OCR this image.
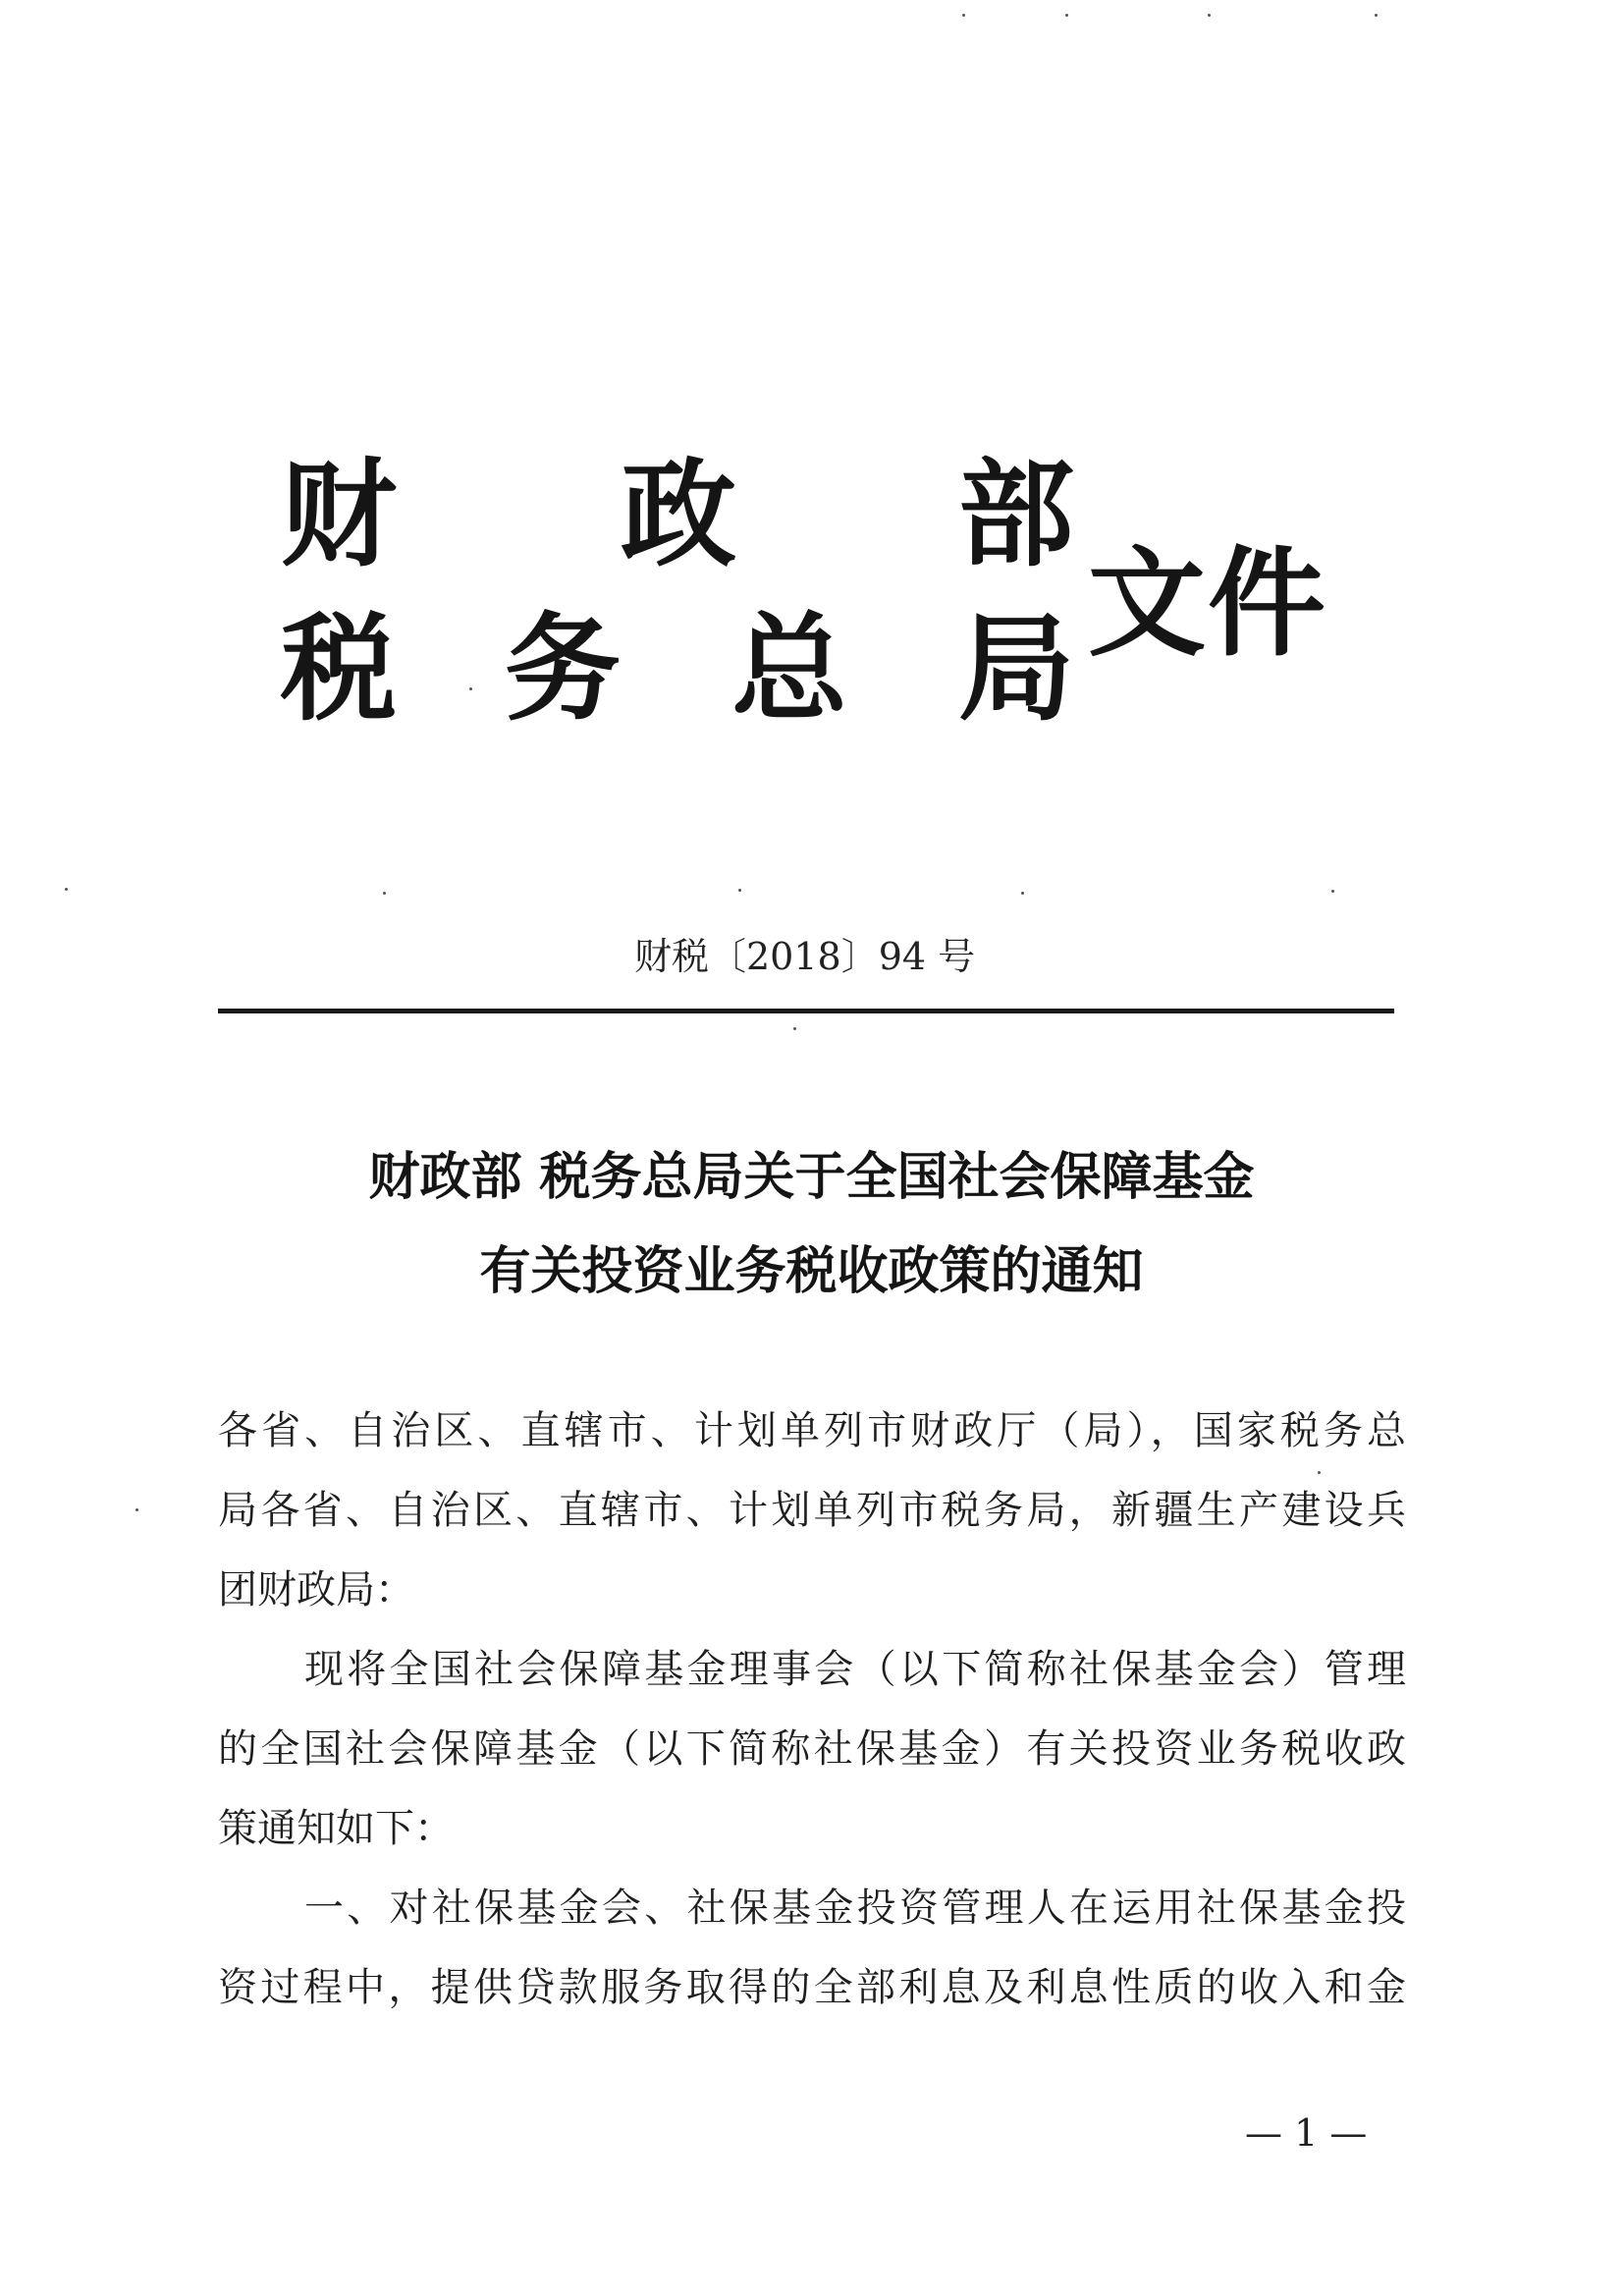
财 政 部
税 务 总 局 文件
财税〔2018〕94 号
财政部 税务总局关于全国社会保障基金
有关投资业务税收政策的通知
各省、自治区、直辖市、计划单列市财政厅（局），国家税务总
局各省、自治区、直辖市、计划单列市税务局，新疆生产建设兵
团财政局：
现将全国社会保障基金理事会（以下简称社保基金会）管理
的全国社会保障基金（以下简称社保基金）有关投资业务税收政
策通知如下：
一、对社保基金会、社保基金投资管理人在运用社保基金投
资过程中，提供贷款服务取得的全部利息及利息性质的收入和金
— 1 —
